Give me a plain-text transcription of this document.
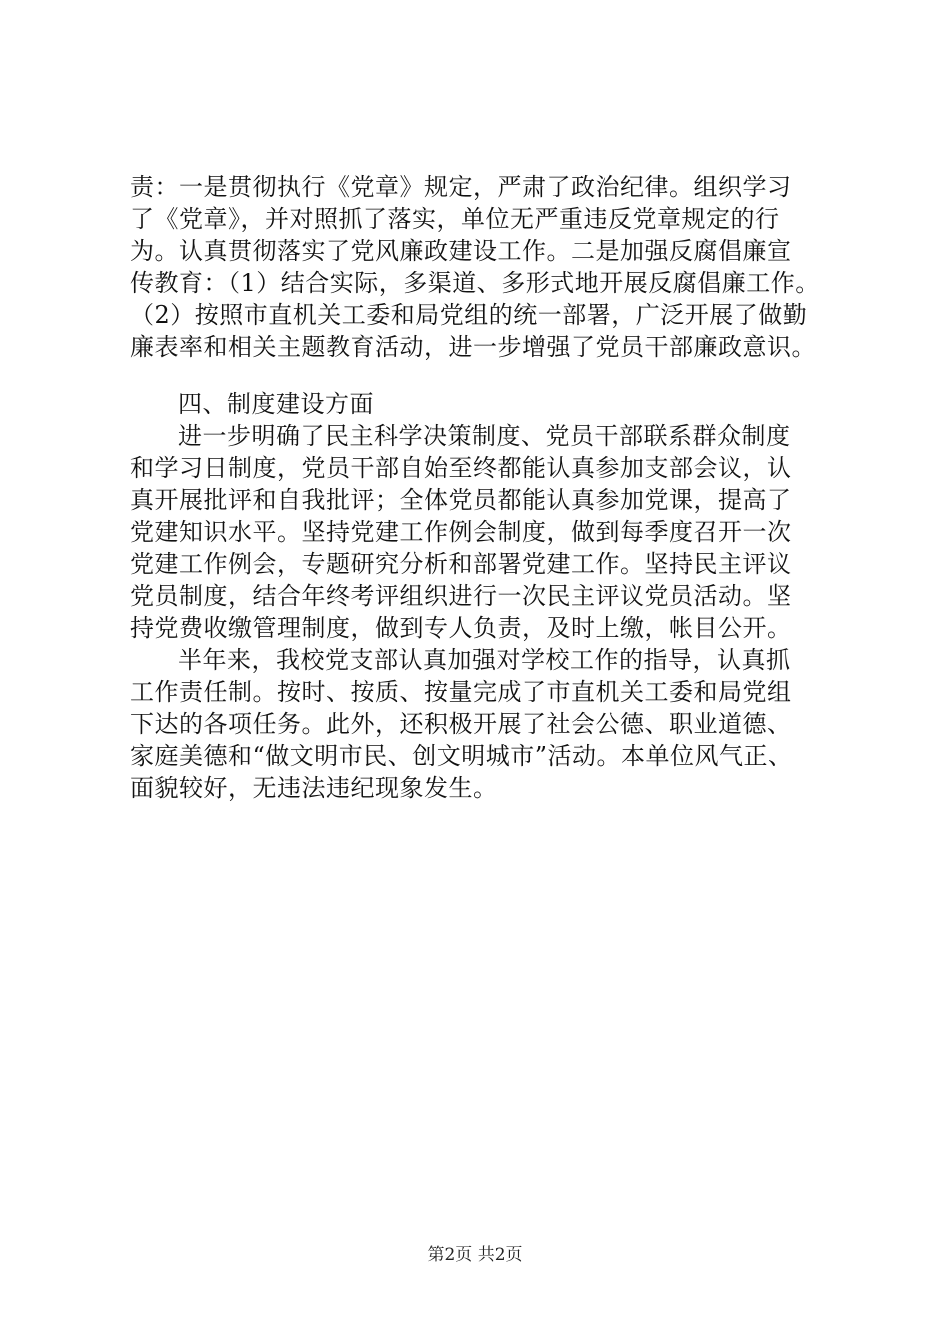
责：一是贯彻执行《党章》规定，严肃了政治纪律。组织学习
了《党章》，并对照抓了落实，单位无严重违反党章规定的行
为。认真贯彻落实了党风廉政建设工作。二是加强反腐倡廉宣
传教育：（1）结合实际，多渠道、多形式地开展反腐倡廉工作。
（2）按照市直机关工委和局党组的统一部署，广泛开展了做勤
廉表率和相关主题教育活动，进一步增强了党员干部廉政意识。
四、制度建设方面
进一步明确了民主科学决策制度、党员干部联系群众制度
和学习日制度，党员干部自始至终都能认真参加支部会议，认
真开展批评和自我批评；全体党员都能认真参加党课，提高了
党建知识水平。坚持党建工作例会制度，做到每季度召开一次
党建工作例会，专题研究分析和部署党建工作。坚持民主评议
党员制度，结合年终考评组织进行一次民主评议党员活动。坚
持党费收缴管理制度，做到专人负责，及时上缴，帐目公开。
半年来，我校党支部认真加强对学校工作的指导，认真抓
工作责任制。按时、按质、按量完成了市直机关工委和局党组
下达的各项任务。此外，还积极开展了社会公德、职业道德、
家庭美德和“做文明市民、创文明城市”活动。本单位风气正、
面貌较好，无违法违纪现象发生。
第2页 共2页
